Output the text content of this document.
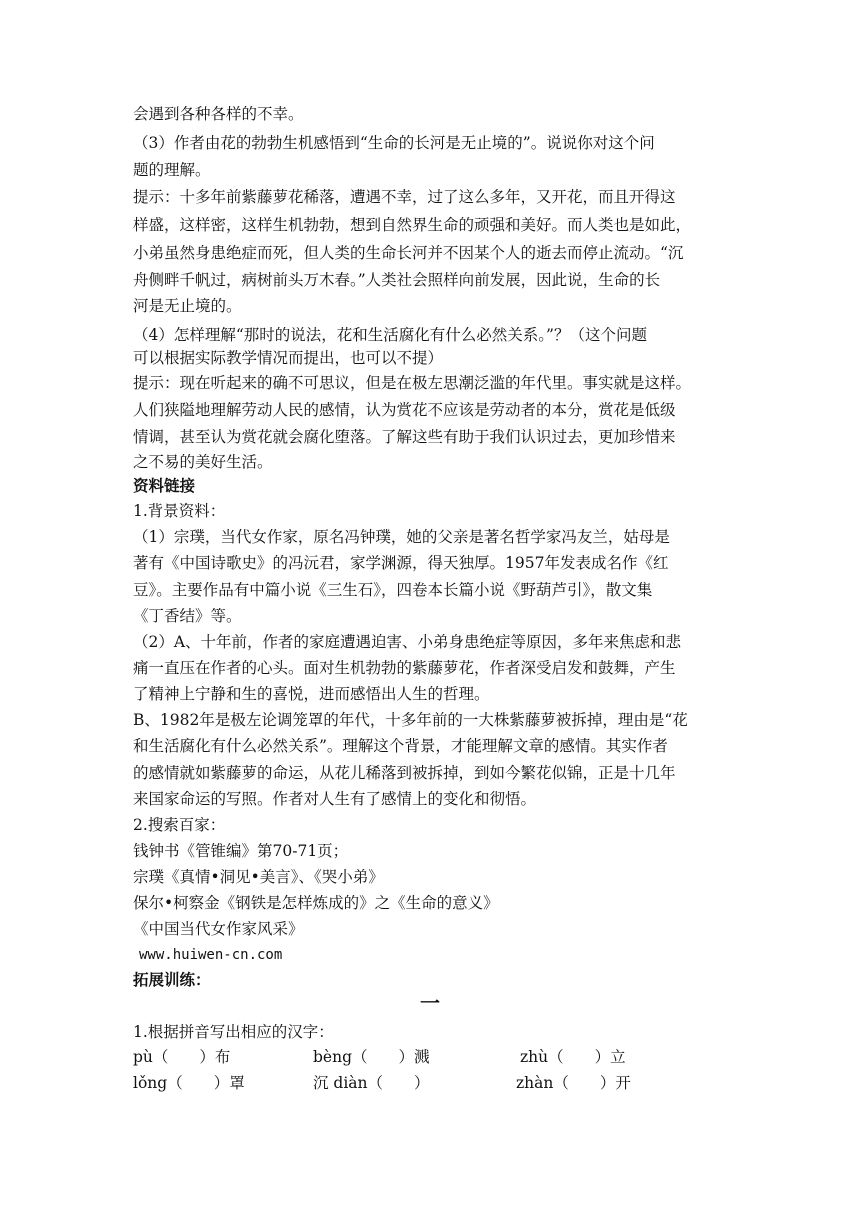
会遇到各种各样的不幸。
（3）作者由花的勃勃生机感悟到“生命的长河是无止境的”。说说你对这个问
题的理解。
提示：十多年前紫藤萝花稀落，遭遇不幸，过了这么多年，又开花，而且开得这
样盛，这样密，这样生机勃勃，想到自然界生命的顽强和美好。而人类也是如此，
小弟虽然身患绝症而死，但人类的生命长河并不因某个人的逝去而停止流动。“沉
舟侧畔千帆过，病树前头万木春。”人类社会照样向前发展，因此说，生命的长
河是无止境的。
（4）怎样理解“那时的说法，花和生活腐化有什么必然关系。”？（这个问题
可以根据实际教学情况而提出，也可以不提）
提示：现在听起来的确不可思议，但是在极左思潮泛滥的年代里。事实就是这样。
人们狭隘地理解劳动人民的感情，认为赏花不应该是劳动者的本分，赏花是低级
情调，甚至认为赏花就会腐化堕落。了解这些有助于我们认识过去，更加珍惜来
之不易的美好生活。
资料链接
1.背景资料：
（1）宗璞，当代女作家，原名冯钟璞，她的父亲是著名哲学家冯友兰，姑母是
著有《中国诗歌史》的冯沅君，家学渊源，得天独厚。1957年发表成名作《红
豆》。主要作品有中篇小说《三生石》，四卷本长篇小说《野葫芦引》，散文集
《丁香结》等。
（2）A、十年前，作者的家庭遭遇迫害、小弟身患绝症等原因，多年来焦虑和悲
痛一直压在作者的心头。面对生机勃勃的紫藤萝花，作者深受启发和鼓舞，产生
了精神上宁静和生的喜悦，进而感悟出人生的哲理。
B、1982年是极左论调笼罩的年代，十多年前的一大株紫藤萝被拆掉，理由是“花
和生活腐化有什么必然关系”。理解这个背景，才能理解文章的感情。其实作者
的感情就如紫藤萝的命运，从花儿稀落到被拆掉，到如今繁花似锦，正是十几年
来国家命运的写照。作者对人生有了感情上的变化和彻悟。
2.搜索百家：
钱钟书《管锥编》第70-71页；
宗璞《真情•洞见•美言》、《哭小弟》
保尔•柯察金《钢铁是怎样炼成的》之《生命的意义》
《中国当代女作家风采》
www.huiwen-cn.com
拓展训练：
一
1.根据拼音写出相应的汉字：
pù（　　）布	bèng（　　）溅	zhù（　　）立
lǒng（　　）罩	沉 diàn（　　）	zhàn（　　）开
